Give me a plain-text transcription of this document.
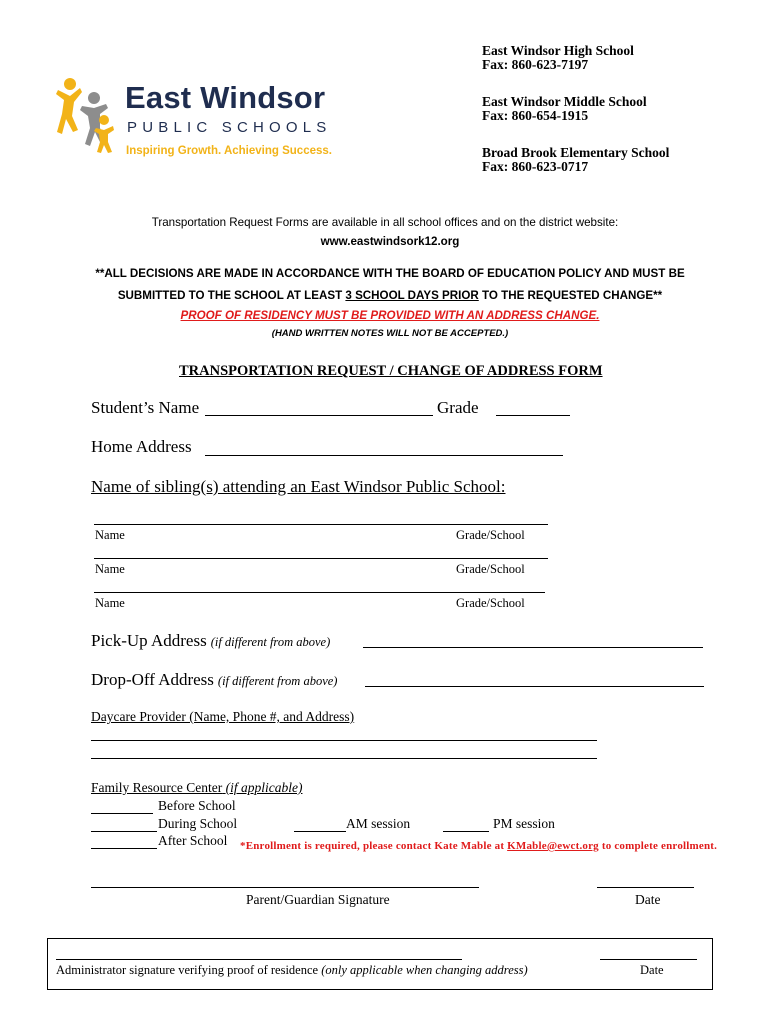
East Windsor
PUBLIC SCHOOLS
Inspiring Growth. Achieving Success.
East Windsor High School
Fax: 860-623-7197
East Windsor Middle School
Fax: 860-654-1915
Broad Brook Elementary School
Fax: 860-623-0717
Transportation Request Forms are available in all school offices and on the district website:
www.eastwindsork12.org
**ALL DECISIONS ARE MADE IN ACCORDANCE WITH THE BOARD OF EDUCATION POLICY AND MUST BE
SUBMITTED TO THE SCHOOL AT LEAST 3 SCHOOL DAYS PRIOR TO THE REQUESTED CHANGE**
PROOF OF RESIDENCY MUST BE PROVIDED WITH AN ADDRESS CHANGE.
(HAND WRITTEN NOTES WILL NOT BE ACCEPTED.)
TRANSPORTATION REQUEST / CHANGE OF ADDRESS FORM
Student’s Name	Grade
Home Address
Name of sibling(s) attending an East Windsor Public School:
Name	Grade/School
Name	Grade/School
Name	Grade/School
Pick-Up Address (if different from above)
Drop-Off Address (if different from above)
Daycare Provider (Name, Phone #, and Address)
Family Resource Center (if applicable)
Before School
During School	AM session	PM session
After School *Enrollment is required, please contact Kate Mable at KMable@ewct.org to complete enrollment.
Parent/Guardian Signature	Date
Administrator signature verifying proof of residence (only applicable when changing address)	Date
